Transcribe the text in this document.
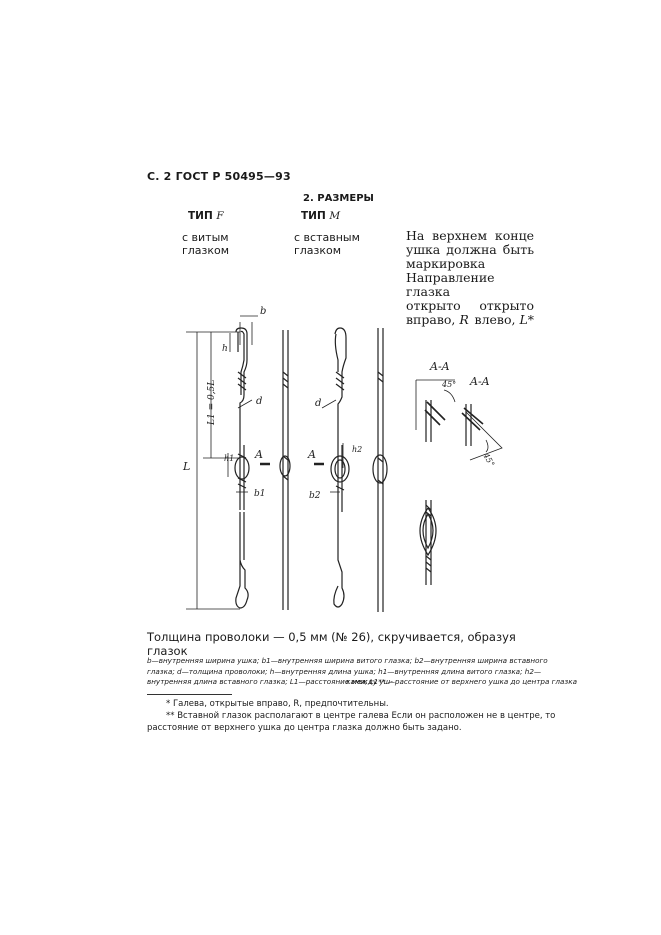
С. 2 ГОСТ Р 50495—93
2. РАЗМЕРЫ
ТИП F	ТИП M
с витым
глазком
с вставным
глазком
На верхнем конце
ушка должна быть
маркировка
Направление глазка
открыто открыто
вправо, R влево, L*
L
L1 = 0,5L
h
b
d	d
h1
h2
b1	b2
A	A
A-A
A-A
45°
45°
Толщина проволоки — 0,5 мм (№ 26), скручивается, образуя глазок
b—внутренняя ширина ушка; b1—внутренняя ширина витого глазка; b2—внутренняя ширина вставного глазка; d—толщина проволоки; h—внутренняя длина ушка; h1—внутренняя длина витого глазка; h2—внутренняя длина вставного глазка; L1—расстояние между уш-
ками; L1** —расстояние от верхнего ушка до центра глазка
* Галева, открытые вправо, R, предпочтительны.
** Вставной глазок располагают в центре галева Если он расположен не в центре, то расстояние от верхнего ушка до центра глазка должно быть задано.
